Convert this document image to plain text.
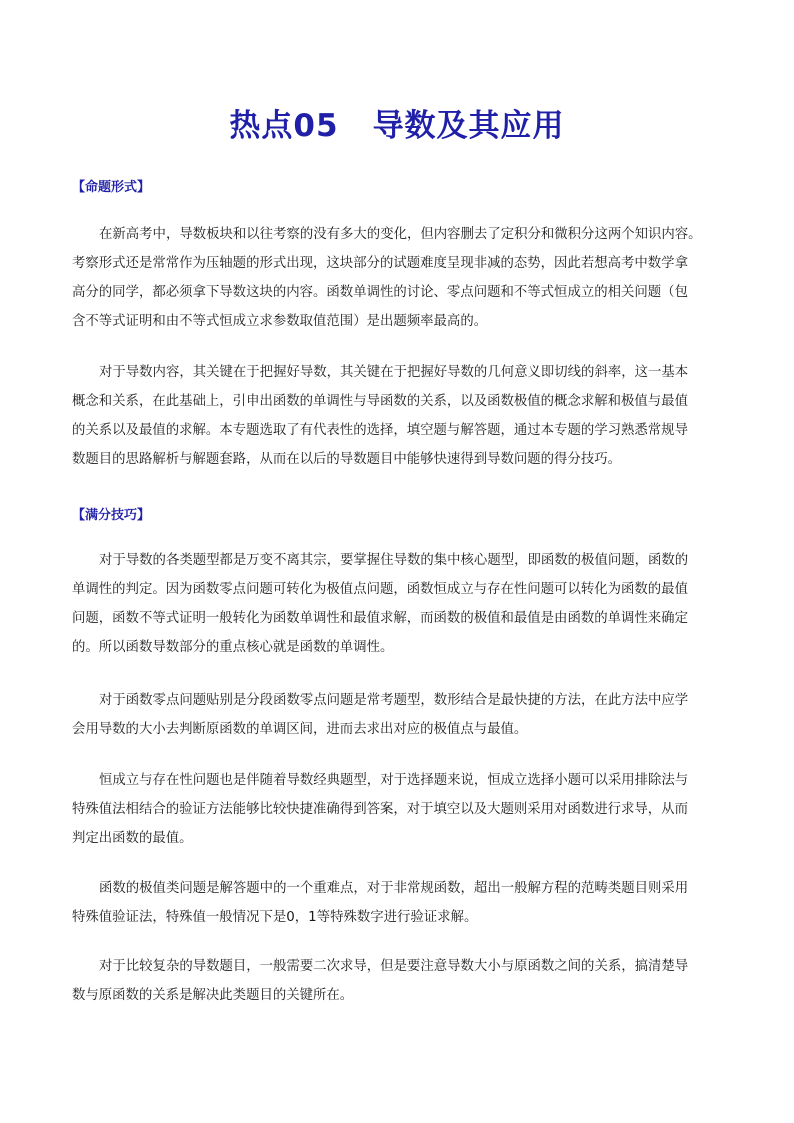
热点05 导数及其应用
【命题形式】
在新高考中，导数板块和以往考察的没有多大的变化，但内容删去了定积分和微积分这两个知识内容。
考察形式还是常常作为压轴题的形式出现，这块部分的试题难度呈现非减的态势，因此若想高考中数学拿
高分的同学，都必须拿下导数这块的内容。函数单调性的讨论、零点问题和不等式恒成立的相关问题（包
含不等式证明和由不等式恒成立求参数取值范围）是出题频率最高的。
对于导数内容，其关键在于把握好导数，其关键在于把握好导数的几何意义即切线的斜率，这一基本
概念和关系，在此基础上，引申出函数的单调性与导函数的关系，以及函数极值的概念求解和极值与最值
的关系以及最值的求解。本专题选取了有代表性的选择，填空题与解答题，通过本专题的学习熟悉常规导
数题目的思路解析与解题套路，从而在以后的导数题目中能够快速得到导数问题的得分技巧。
【满分技巧】
对于导数的各类题型都是万变不离其宗，要掌握住导数的集中核心题型，即函数的极值问题，函数的
单调性的判定。因为函数零点问题可转化为极值点问题，函数恒成立与存在性问题可以转化为函数的最值
问题，函数不等式证明一般转化为函数单调性和最值求解，而函数的极值和最值是由函数的单调性来确定
的。所以函数导数部分的重点核心就是函数的单调性。
对于函数零点问题贴别是分段函数零点问题是常考题型，数形结合是最快捷的方法，在此方法中应学
会用导数的大小去判断原函数的单调区间，进而去求出对应的极值点与最值。
恒成立与存在性问题也是伴随着导数经典题型，对于选择题来说，恒成立选择小题可以采用排除法与
特殊值法相结合的验证方法能够比较快捷准确得到答案，对于填空以及大题则采用对函数进行求导，从而
判定出函数的最值。
函数的极值类问题是解答题中的一个重难点，对于非常规函数，超出一般解方程的范畴类题目则采用
特殊值验证法，特殊值一般情况下是0，1等特殊数字进行验证求解。
对于比较复杂的导数题目，一般需要二次求导，但是要注意导数大小与原函数之间的关系，搞清楚导
数与原函数的关系是解决此类题目的关键所在。
